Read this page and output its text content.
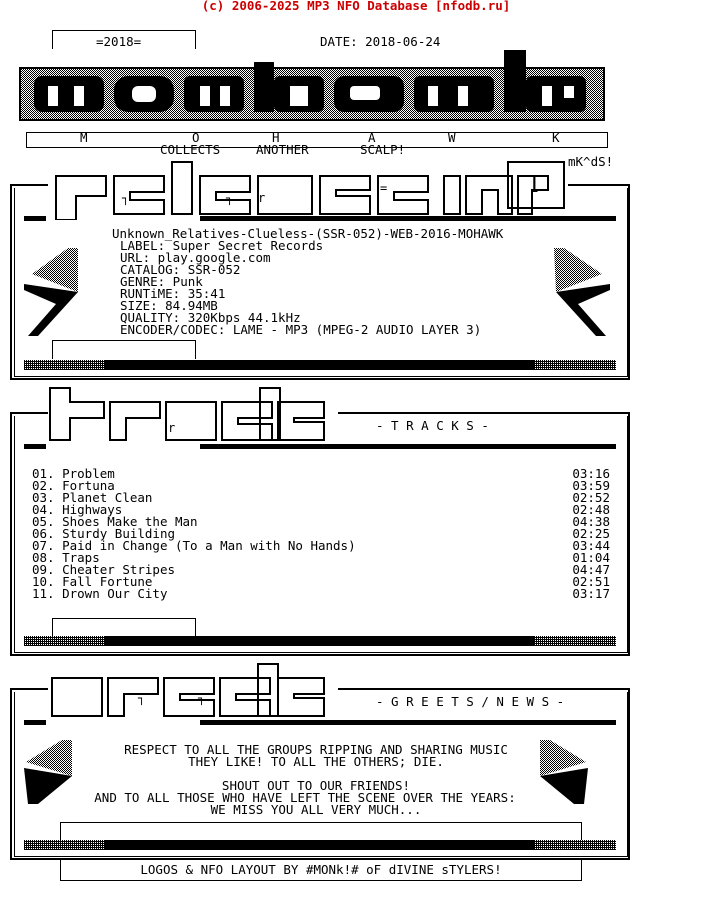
(c) 2006-2025 MP3 NFO Database [nfodb.ru]
=2018=	DATE: 2018-06-24
M	O	H	A	W	K
COLLECTS	ANOTHER	SCALP!
mK^dS!
┐	┐ r
=	I
Unknown_Relatives-Clueless-(SSR-052)-WEB-2016-MOHAWK
LABEL: Super Secret Records
URL: play.google.com
CATALOG: SSR-052
GENRE: Punk
RUNTiME: 35:41
SIZE: 84.94MB
QUALITY: 320Kbps 44.1kHz
ENCODER/CODEC: LAME - MP3 (MPEG-2 AUDIO LAYER 3)
r	- T R A C K S -
01. Problem	03:16
02. Fortuna	03:59
03. Planet Clean	02:52
04. Highways	02:48
05. Shoes Make the Man	04:38
06. Sturdy Building	02:25
07. Paid in Change (To a Man with No Hands)	03:44
08. Traps	01:04
09. Cheater Stripes	04:47
10. Fall Fortune	02:51
11. Drown Our City	03:17
┐	┐	- G R E E T S / N E W S -
RESPECT TO ALL THE GROUPS RIPPING AND SHARING MUSIC
THEY LIKE! TO ALL THE OTHERS; DIE.
SHOUT OUT TO OUR FRIENDS!
AND TO ALL THOSE WHO HAVE LEFT THE SCENE OVER THE YEARS:
WE MISS YOU ALL VERY MUCH...
LOGOS & NFO LAYOUT BY #MONk!# oF dIVINE sTYLERS!
